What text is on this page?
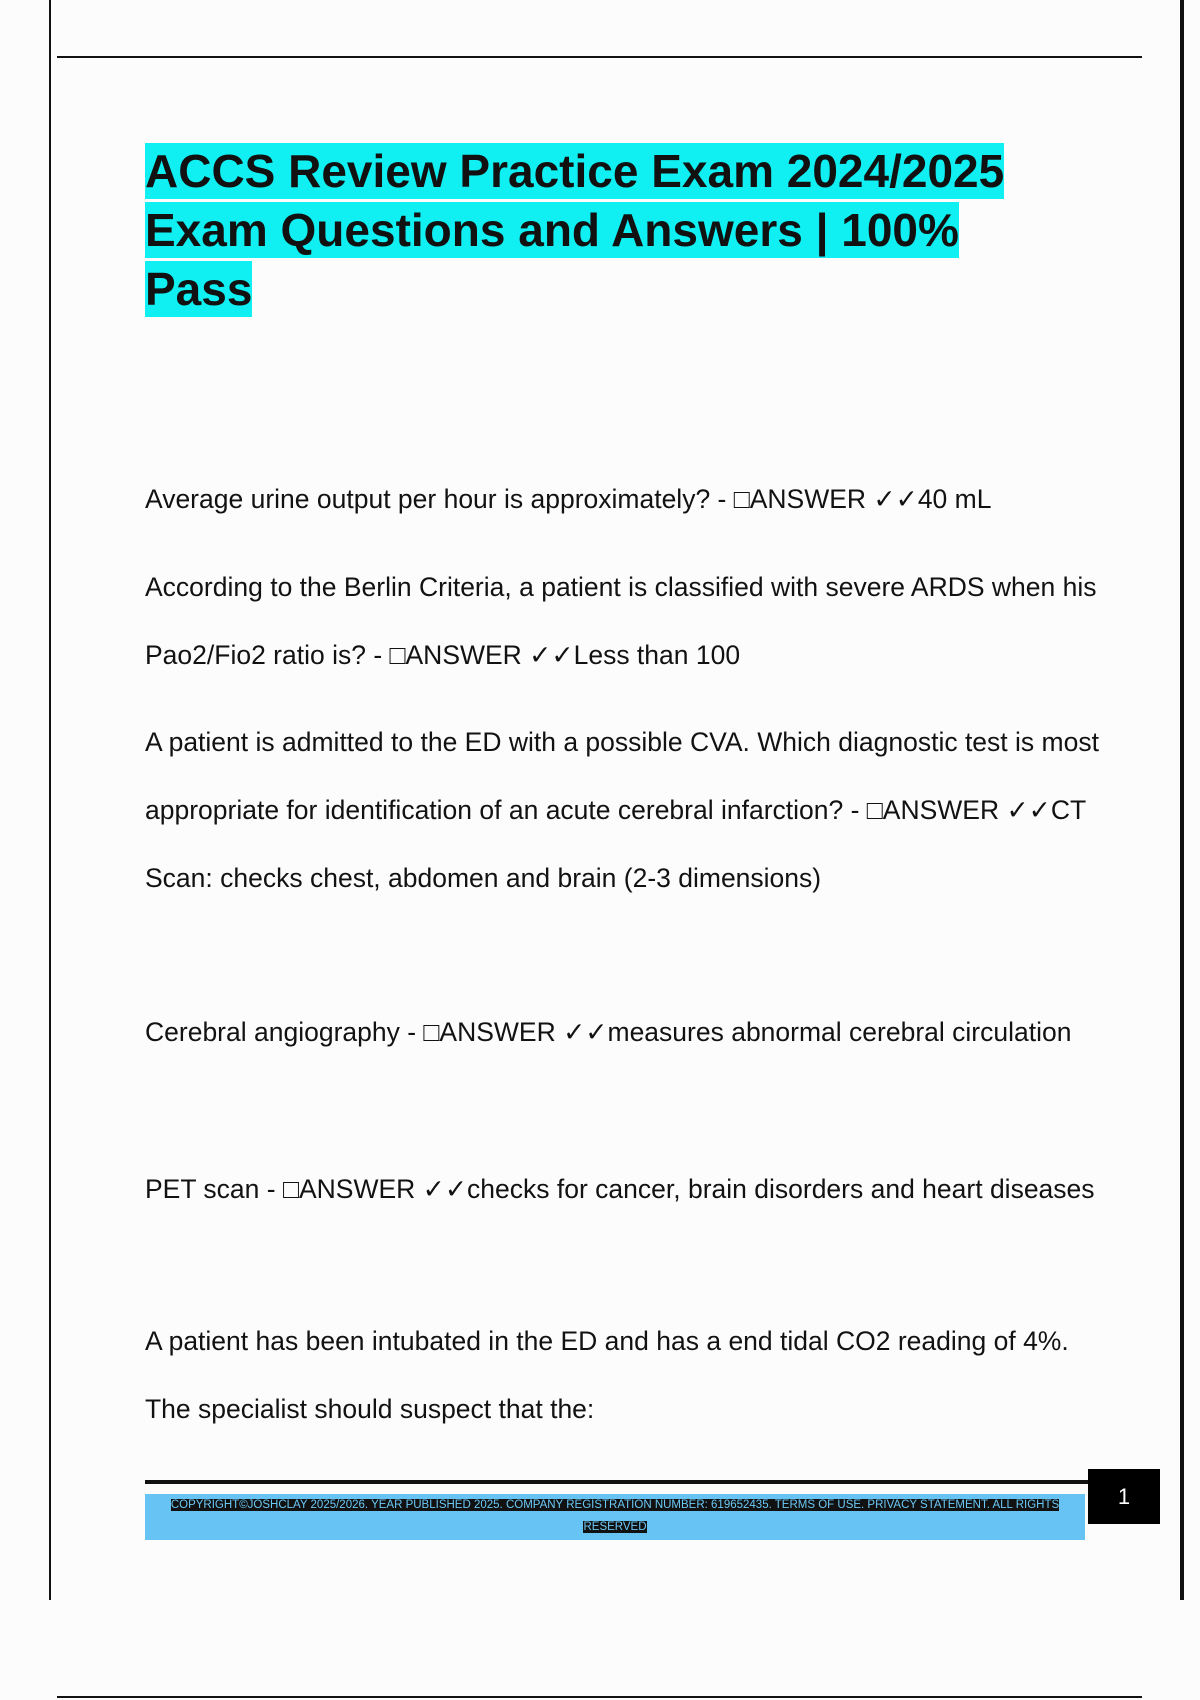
ACCS Review Practice Exam 2024/2025 Exam Questions and Answers | 100% Pass

Average urine output per hour is approximately? - □ANSWER ✓✓40 mL

According to the Berlin Criteria, a patient is classified with severe ARDS when his Pao2/Fio2 ratio is? - □ANSWER ✓✓Less than 100

A patient is admitted to the ED with a possible CVA. Which diagnostic test is most appropriate for identification of an acute cerebral infarction? - □ANSWER ✓✓CT Scan: checks chest, abdomen and brain (2-3 dimensions)

Cerebral angiography - □ANSWER ✓✓measures abnormal cerebral circulation

PET scan - □ANSWER ✓✓checks for cancer, brain disorders and heart diseases

A patient has been intubated in the ED and has a end tidal CO2 reading of 4%. The specialist should suspect that the:

COPYRIGHT©JOSHCLAY 2025/2026. YEAR PUBLISHED 2025. COMPANY REGISTRATION NUMBER: 619652435. TERMS OF USE. PRIVACY STATEMENT. ALL RIGHTS RESERVED
1
